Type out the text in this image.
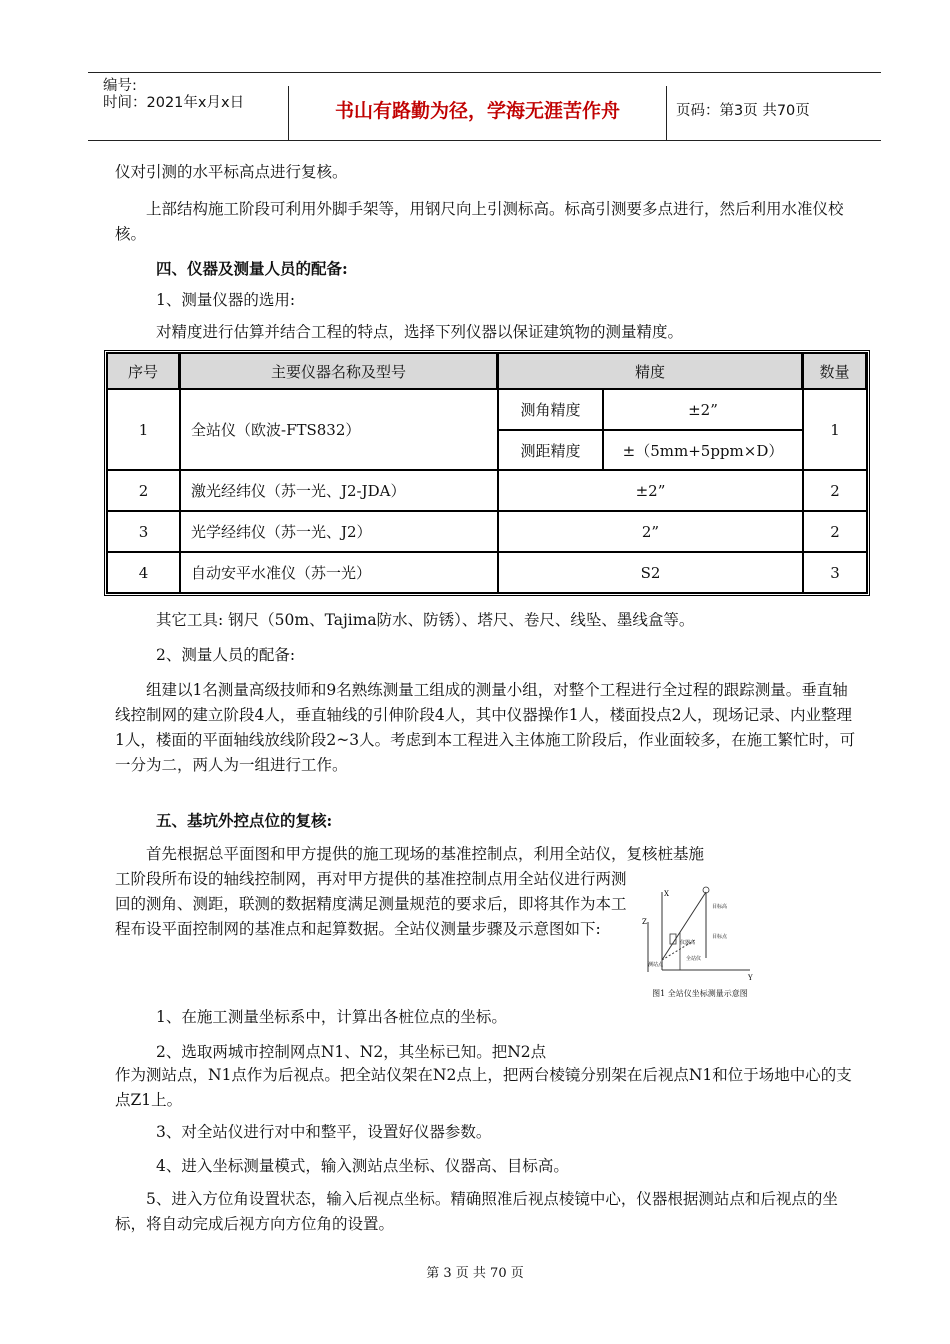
编号:
时间：2021年x月x日	书山有路勤为径，学海无涯苦作舟	页码：第3页 共70页

仪对引测的水平标高点进行复核。

上部结构施工阶段可利用外脚手架等，用钢尺向上引测标高。标高引测要多点进行，然后利用水准仪校核。

四、仪器及测量人员的配备:

1、测量仪器的选用:

对精度进行估算并结合工程的特点，选择下列仪器以保证建筑物的测量精度。

序号	主要仪器名称及型号	精度		数量
1	全站仪（欧波-FTS832）	测角精度	±2”	1
		测距精度	±（5mm+5ppm×D）	
2	激光经纬仪（苏一光、J2-JDA）	±2”		2
3	光学经纬仪（苏一光、J2）	2”		2
4	自动安平水准仪（苏一光）	S2		3

其它工具: 钢尺（50m、Tajima防水、防锈）、塔尺、卷尺、线坠、墨线盒等。

2、测量人员的配备:

组建以1名测量高级技师和9名熟练测量工组成的测量小组，对整个工程进行全过程的跟踪测量。垂直轴线控制网的建立阶段4人，垂直轴线的引伸阶段4人，其中仪器操作1人，楼面投点2人，现场记录、内业整理1人，楼面的平面轴线放线阶段2~3人。考虑到本工程进入主体施工阶段后，作业面较多，在施工繁忙时，可一分为二，两人为一组进行工作。

五、基坑外控点位的复核:

首先根据总平面图和甲方提供的施工现场的基准控制点，利用全站仪，复核桩基施

工阶段所布设的轴线控制网，再对甲方提供的基准控制点用全站仪进行两测回的测角、测距，联测的数据精度满足测量规范的要求后，即将其作为本工程布设平面控制网的基准点和起算数据。全站仪测量步骤及示意图如下:

X
Y
Z
目标高
目标点
仪器高
测站点
全站仪
图1 全站仪坐标测量示意图

1、在施工测量坐标系中，计算出各桩位点的坐标。

2、选取两城市控制网点N1、N2，其坐标已知。把N2点

作为测站点，N1点作为后视点。把全站仪架在N2点上，把两台棱镜分别架在后视点N1和位于场地中心的支点Z1上。

3、对全站仪进行对中和整平，设置好仪器参数。

4、进入坐标测量模式，输入测站点坐标、仪器高、目标高。

5、进入方位角设置状态，输入后视点坐标。精确照准后视点棱镜中心，仪器根据测站点和后视点的坐标，将自动完成后视方向方位角的设置。

第 3 页 共 70 页
